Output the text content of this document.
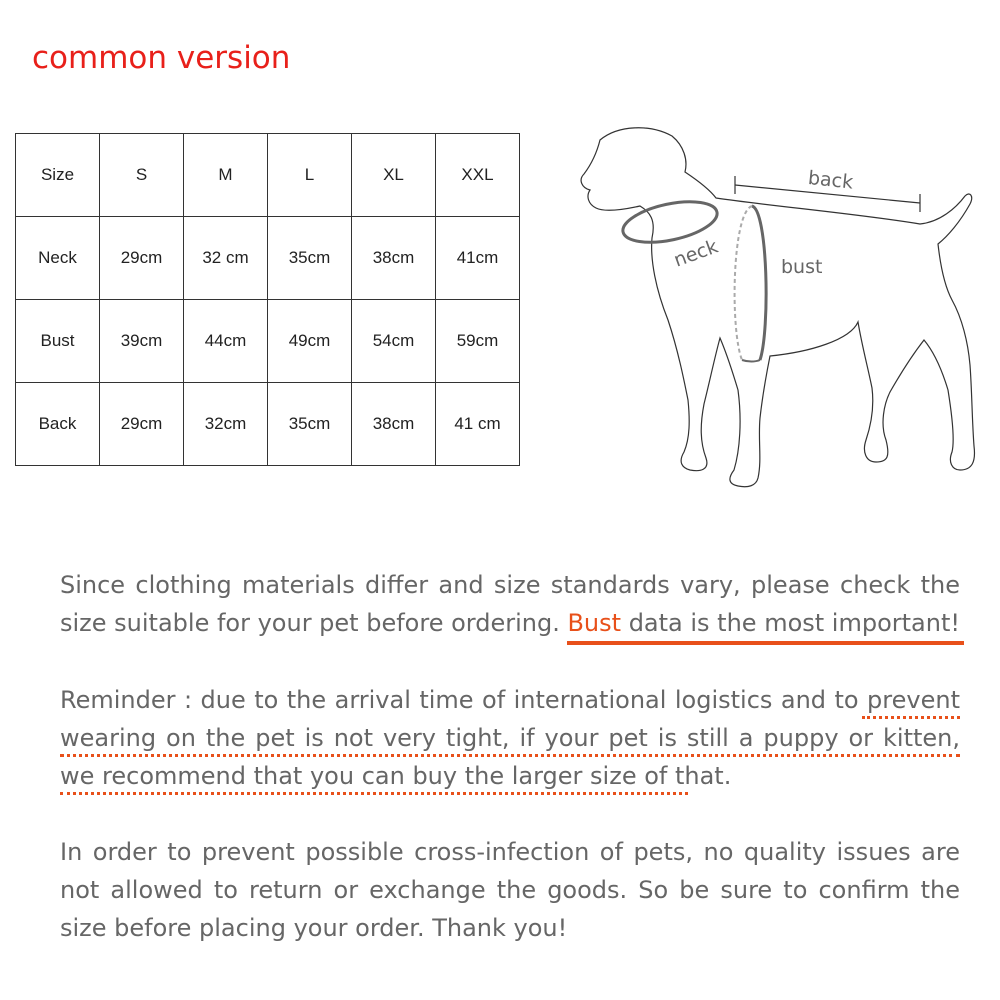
common version
Size	S	M	L	XL	XXL
Neck	29cm	32 cm	35cm	38cm	41cm
Bust	39cm	44cm	49cm	54cm	59cm
Back	29cm	32cm	35cm	38cm	41 cm
back
neck	bust
Since clothing materials differ and size standards vary, please check the size suitable for your pet before ordering. Bust data is the most important!
Reminder : due to the arrival time of international logistics and to prevent wearing on the pet is not very tight, if your pet is still a puppy or kitten, we recommend that you can buy the larger size of that.
In order to prevent possible cross-infection of pets, no quality issues are not allowed to return or exchange the goods. So be sure to confirm the size before placing your order. Thank you!
